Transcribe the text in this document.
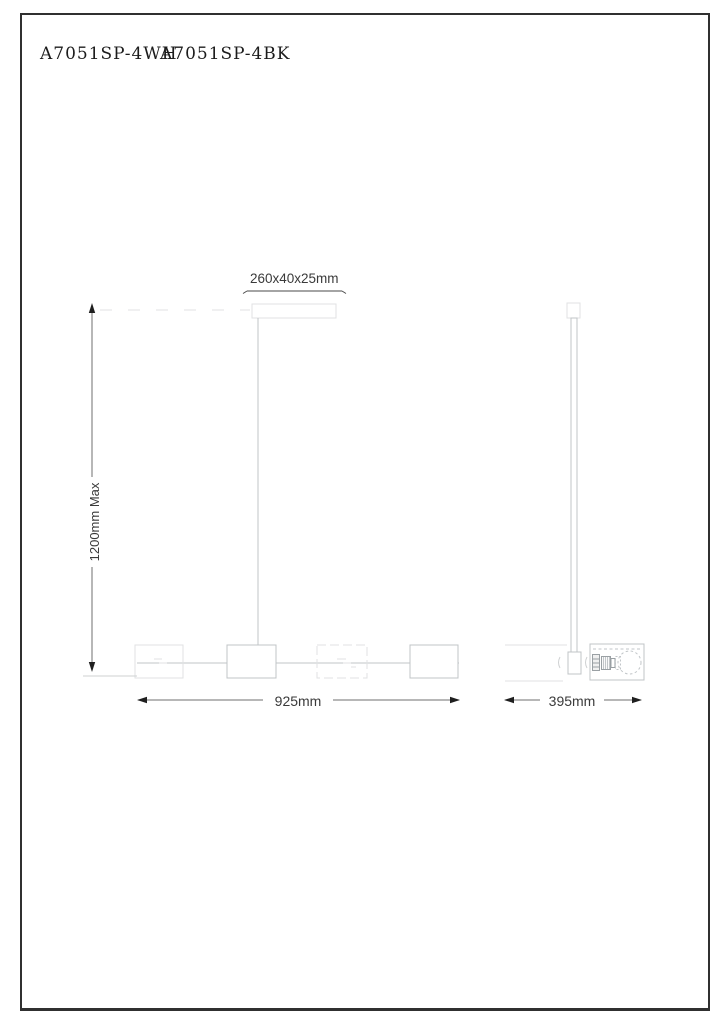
A7051SP-4WH
A7051SP-4BK
260x40x25mm
1200mm Max
925mm	395mm
